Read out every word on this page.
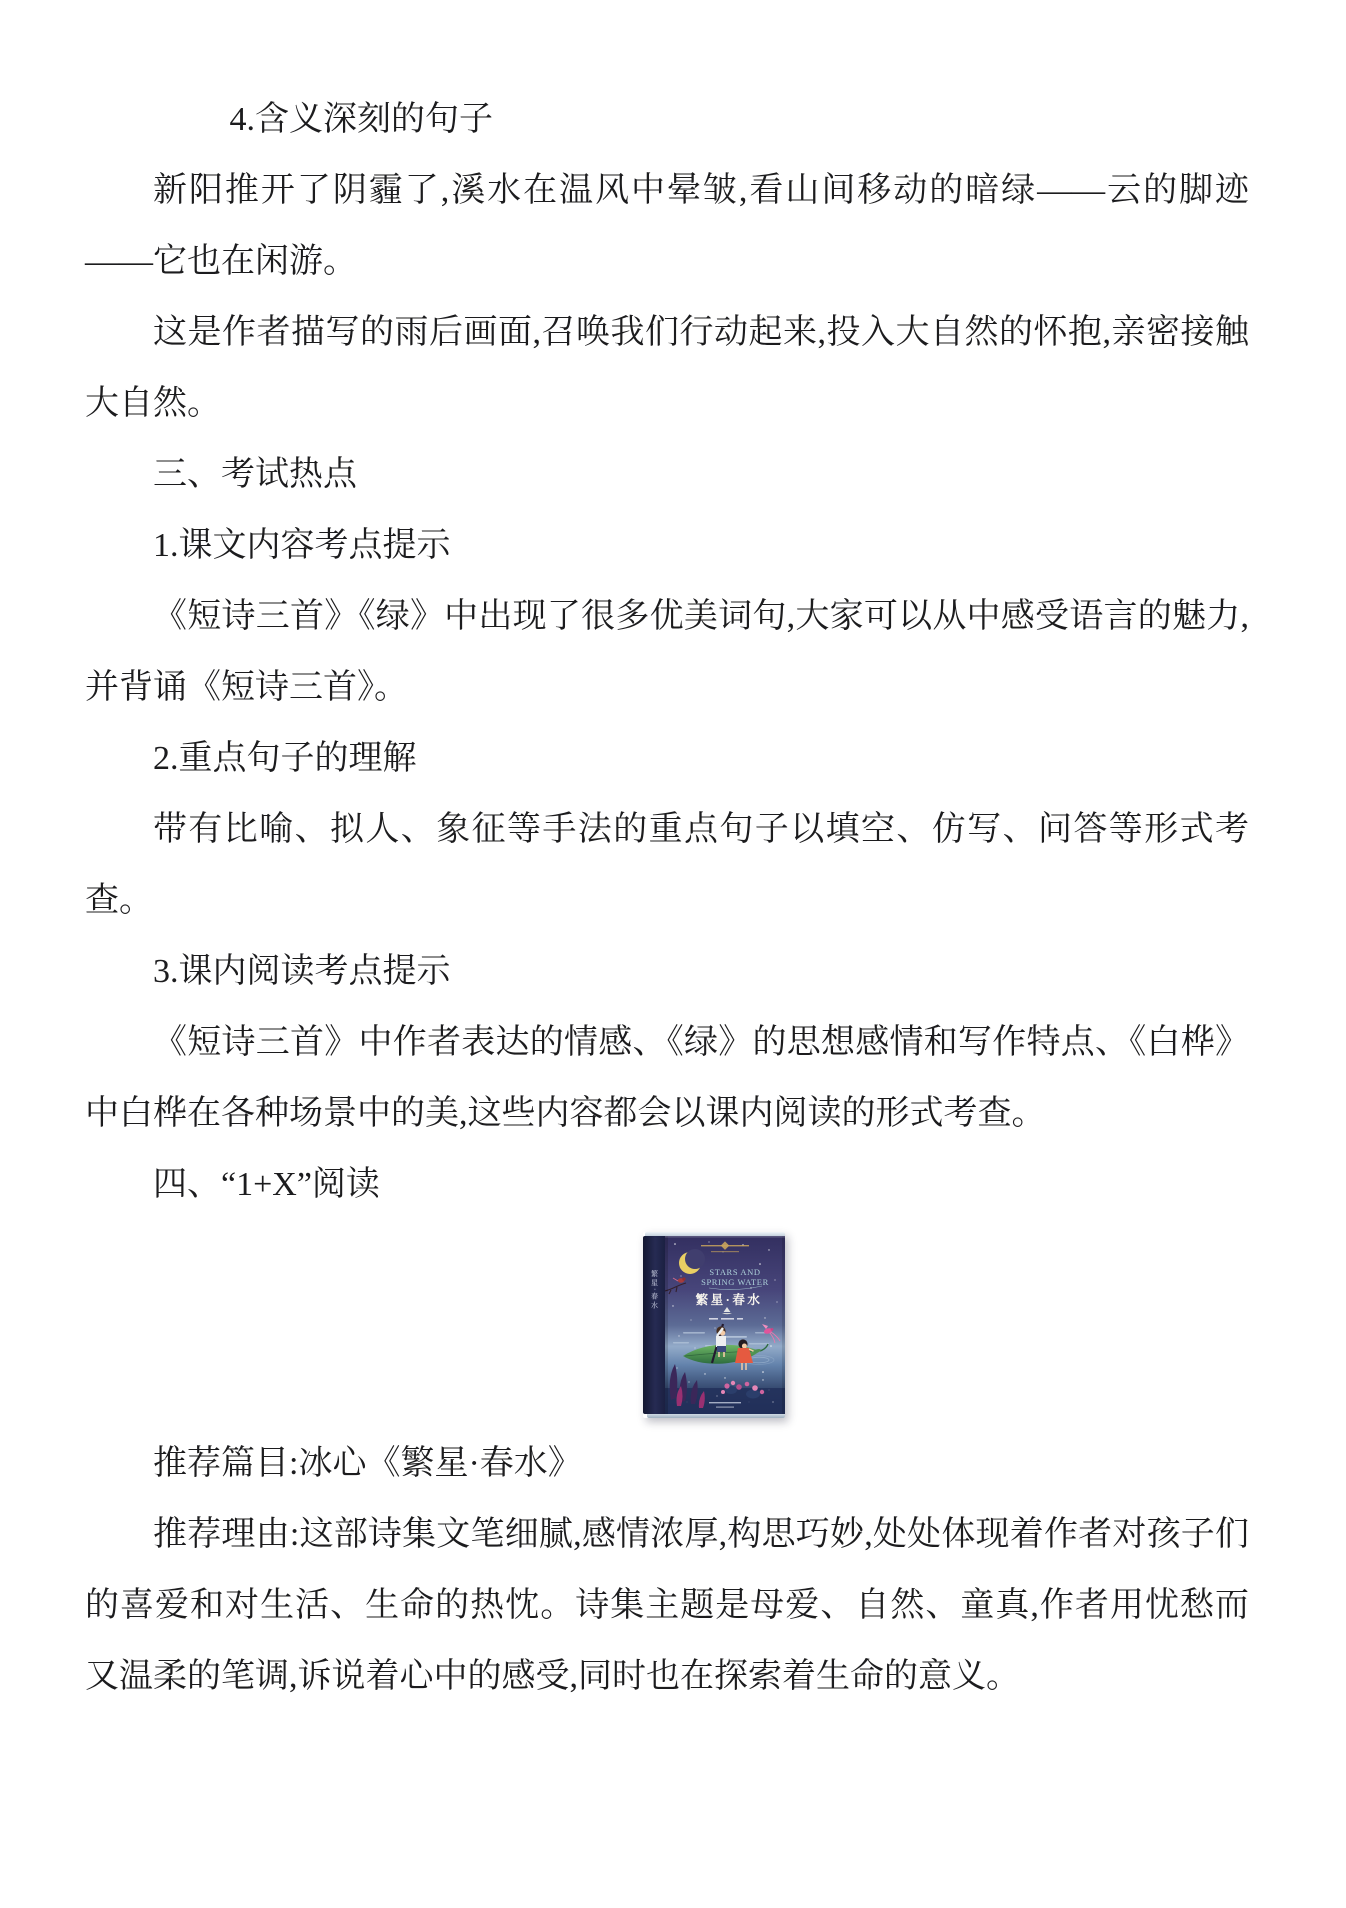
4.含义深刻的句子

新阳推开了阴霾了,溪水在温风中晕皱,看山间移动的暗绿——云的脚迹——它也在闲游。

这是作者描写的雨后画面,召唤我们行动起来,投入大自然的怀抱,亲密接触大自然。

三、考试热点

1.课文内容考点提示

《短诗三首》《绿》中出现了很多优美词句,大家可以从中感受语言的魅力,并背诵《短诗三首》。

2.重点句子的理解

带有比喻、拟人、象征等手法的重点句子以填空、仿写、问答等形式考查。

3.课内阅读考点提示

《短诗三首》中作者表达的情感、《绿》的思想感情和写作特点、《白桦》中白桦在各种场景中的美,这些内容都会以课内阅读的形式考查。

四、“1+X”阅读

繁星·春水	STARS AND
SPRING WATER
繁星·春水

推荐篇目:冰心《繁星·春水》

推荐理由:这部诗集文笔细腻,感情浓厚,构思巧妙,处处体现着作者对孩子们的喜爱和对生活、生命的热忱。诗集主题是母爱、自然、童真,作者用忧愁而又温柔的笔调,诉说着心中的感受,同时也在探索着生命的意义。
